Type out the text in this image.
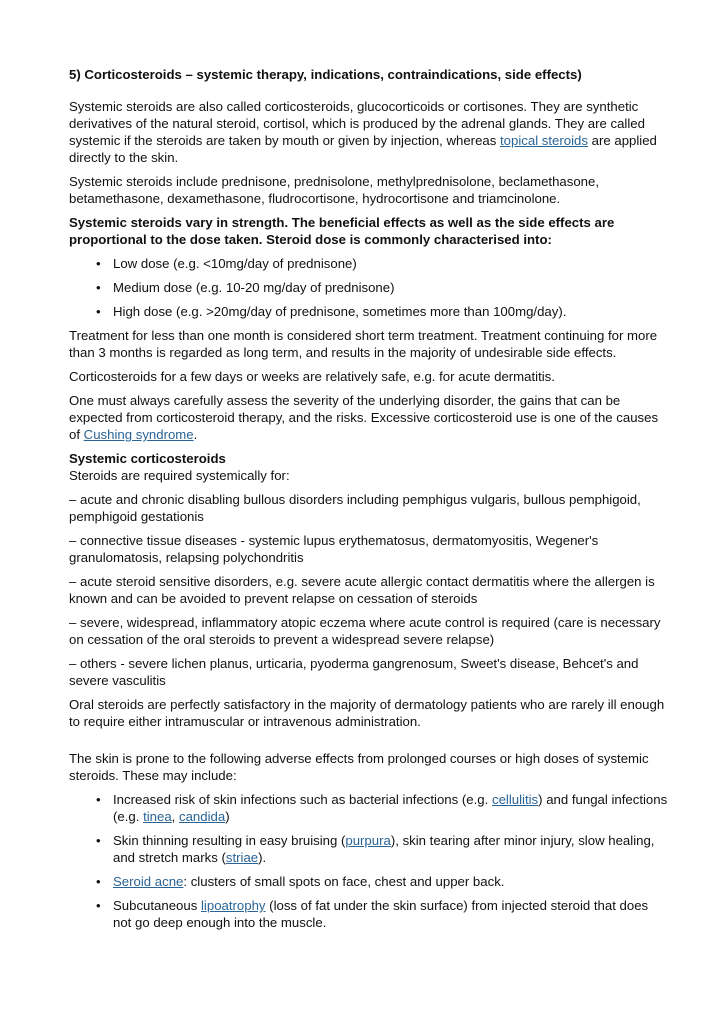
5) Corticosteroids – systemic therapy, indications, contraindications, side effects)

Systemic steroids are also called corticosteroids, glucocorticoids or cortisones. They are synthetic derivatives of the natural steroid, cortisol, which is produced by the adrenal glands. They are called systemic if the steroids are taken by mouth or given by injection, whereas topical steroids are applied directly to the skin.

Systemic steroids include prednisone, prednisolone, methylprednisolone, beclamethasone, betamethasone, dexamethasone, fludrocortisone, hydrocortisone and triamcinolone.

Systemic steroids vary in strength. The beneficial effects as well as the side effects are proportional to the dose taken. Steroid dose is commonly characterised into:

• Low dose (e.g. <10mg/day of prednisone)
• Medium dose (e.g. 10-20 mg/day of prednisone)
• High dose (e.g. >20mg/day of prednisone, sometimes more than 100mg/day).

Treatment for less than one month is considered short term treatment. Treatment continuing for more than 3 months is regarded as long term, and results in the majority of undesirable side effects.

Corticosteroids for a few days or weeks are relatively safe, e.g. for acute dermatitis.

One must always carefully assess the severity of the underlying disorder, the gains that can be expected from corticosteroid therapy, and the risks. Excessive corticosteroid use is one of the causes of Cushing syndrome.

Systemic corticosteroids

Steroids are required systemically for:

– acute and chronic disabling bullous disorders including pemphigus vulgaris, bullous pemphigoid, pemphigoid gestationis

– connective tissue diseases - systemic lupus erythematosus, dermatomyositis, Wegener's granulomatosis, relapsing polychondritis

– acute steroid sensitive disorders, e.g. severe acute allergic contact dermatitis where the allergen is known and can be avoided to prevent relapse on cessation of steroids

– severe, widespread, inflammatory atopic eczema where acute control is required (care is necessary on cessation of the oral steroids to prevent a widespread severe relapse)

– others - severe lichen planus, urticaria, pyoderma gangrenosum, Sweet's disease, Behcet's and severe vasculitis

Oral steroids are perfectly satisfactory in the majority of dermatology patients who are rarely ill enough to require either intramuscular or intravenous administration.

The skin is prone to the following adverse effects from prolonged courses or high doses of systemic steroids. These may include:

• Increased risk of skin infections such as bacterial infections (e.g. cellulitis) and fungal infections (e.g. tinea, candida)
• Skin thinning resulting in easy bruising (purpura), skin tearing after minor injury, slow healing, and stretch marks (striae).
• Seroid acne: clusters of small spots on face, chest and upper back.
• Subcutaneous lipoatrophy (loss of fat under the skin surface) from injected steroid that does not go deep enough into the muscle.
